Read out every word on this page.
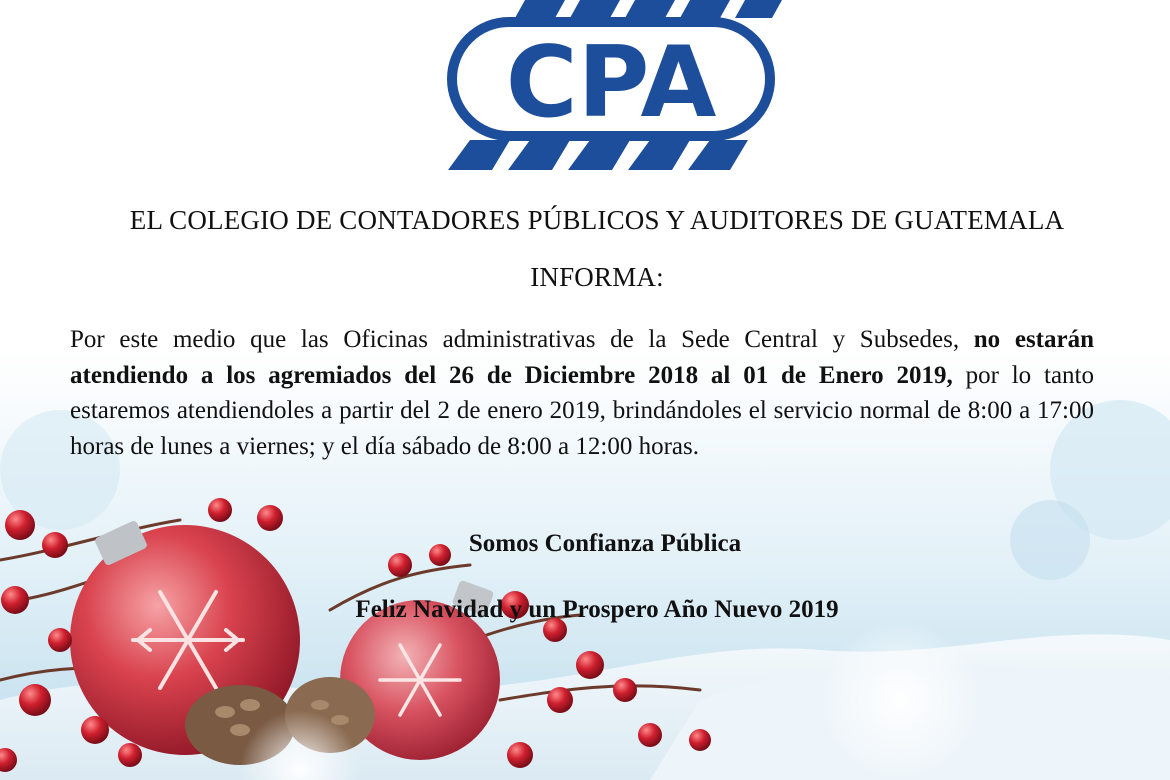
CPA
EL COLEGIO DE CONTADORES PÚBLICOS Y AUDITORES DE GUATEMALA
INFORMA:
Por este medio que las Oficinas administrativas de la Sede Central y Subsedes, no estarán atendiendo a los agremiados del 26 de Diciembre 2018 al 01 de Enero 2019, por lo tanto estaremos atendiendoles a partir del 2 de enero 2019, brindándoles el servicio normal de 8:00 a 17:00 horas de lunes a viernes; y el día sábado de 8:00 a 12:00 horas.
Somos Confianza Pública
Feliz Navidad y un Prospero Año Nuevo 2019
